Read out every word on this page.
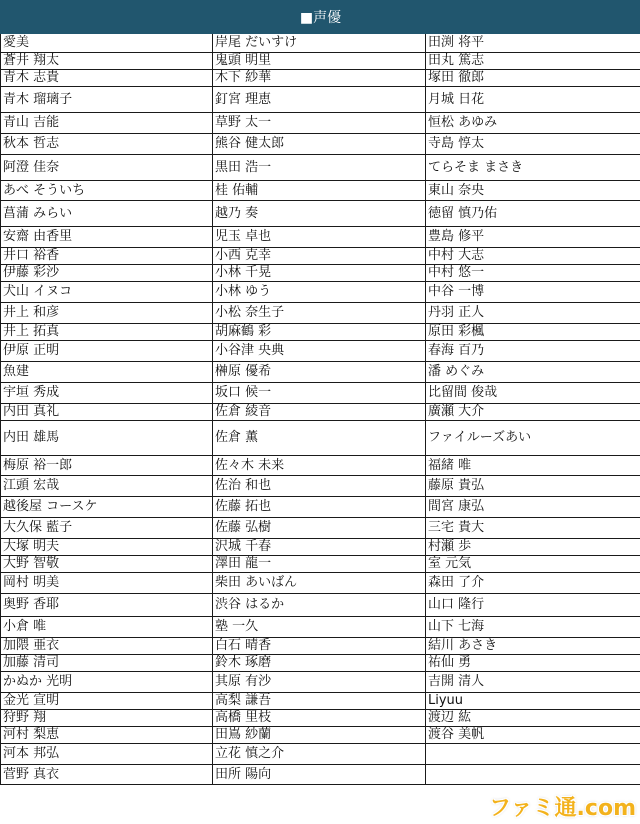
■声優		
愛美	岸尾 だいすけ	田渕 将平
蒼井 翔太	鬼頭 明里	田丸 篤志
青木 志貴	木下 紗華	塚田 徹郎
青木 瑠璃子	釘宮 理恵	月城 日花
青山 吉能	草野 太一	恒松 あゆみ
秋本 哲志	熊谷 健太郎	寺島 惇太
阿澄 佳奈	黒田 浩一	てらそま まさき
あべ そういち	桂 佑輔	東山 奈央
菖蒲 みらい	越乃 奏	徳留 慎乃佑
安齋 由香里	児玉 卓也	豊島 修平
井口 裕香	小西 克幸	中村 大志
伊藤 彩沙	小林 千晃	中村 悠一
犬山 イヌコ	小林 ゆう	中谷 一博
井上 和彦	小松 奈生子	丹羽 正人
井上 拓真	胡麻鶴 彩	原田 彩楓
伊原 正明	小谷津 央典	春海 百乃
魚建	榊原 優希	潘 めぐみ
宇垣 秀成	坂口 候一	比留間 俊哉
内田 真礼	佐倉 綾音	廣瀬 大介
内田 雄馬	佐倉 薫	ファイルーズあい
梅原 裕一郎	佐々木 未来	福緒 唯
江頭 宏哉	佐治 和也	藤原 貴弘
越後屋 コースケ	佐藤 拓也	間宮 康弘
大久保 藍子	佐藤 弘樹	三宅 貴大
大塚 明夫	沢城 千春	村瀬 歩
大野 智敬	澤田 龍一	室 元気
岡村 明美	柴田 あいばん	森田 了介
奥野 香耶	渋谷 はるか	山口 隆行
小倉 唯	塾 一久	山下 七海
加隈 亜衣	白石 晴香	結川 あさき
加藤 清司	鈴木 琢磨	祐仙 勇
かぬか 光明	其原 有沙	吉開 清人
金光 宣明	高梨 謙吾	Liyuu
狩野 翔	高橋 里枝	渡辺 紘
河村 梨恵	田嶌 紗蘭	渡谷 美帆
河本 邦弘	立花 慎之介	
菅野 真衣	田所 陽向	
ファミ通.com
